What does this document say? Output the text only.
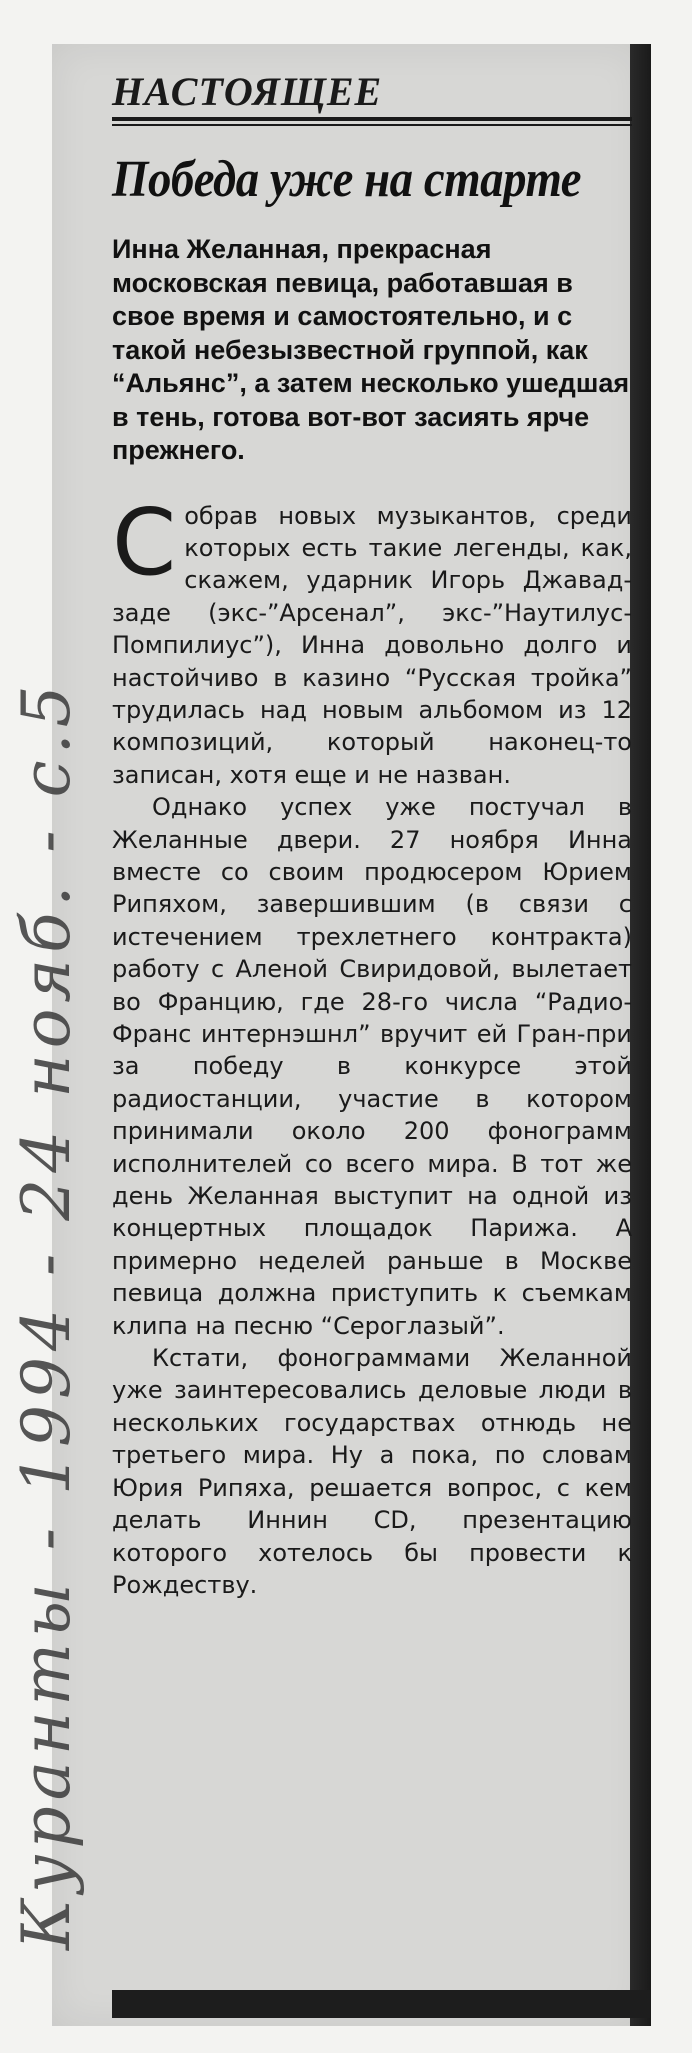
НАСТОЯЩЕЕ
Победа уже на старте
Инна Желанная, прекрасная московская певица, работавшая в свое время и самостоятельно, и с такой небезызвестной группой, как “Альянс”, а затем несколько ушедшая в тень, готова вот-вот засиять ярче прежнего.

С обрав новых музыкантов, среди которых есть такие легенды, как, скажем, ударник Игорь Джавад-заде (экс-”Арсенал”, экс-”Наутилус-Помпилиус”), Инна довольно долго и настойчиво в казино “Русская тройка” трудилась над новым альбомом из 12 композиций, который наконец-то записан, хотя еще и не назван.

Однако успех уже постучал в Желанные двери. 27 ноября Инна вместе со своим продюсером Юрием Рипяхом, завершившим (в связи с истечением трехлетнего контракта) работу с Аленой Свиридовой, вылетает во Францию, где 28-го числа “Радио-Франс интернэшнл” вручит ей Гран-при за победу в конкурсе этой радиостанции, участие в котором принимали около 200 фонограмм исполнителей со всего мира. В тот же день Желанная выступит на одной из концертных площадок Парижа. А примерно неделей раньше в Москве певица должна приступить к съемкам клипа на песню “Сероглазый”.

Кстати, фонограммами Желанной уже заинтересовались деловые люди в нескольких государствах отнюдь не третьего мира. Ну а пока, по словам Юрия Рипяха, решается вопрос, с кем делать Иннин CD, презентацию которого хотелось бы провести к Рождеству.

Куранты - 1994 - 24 нояб. - с.5
